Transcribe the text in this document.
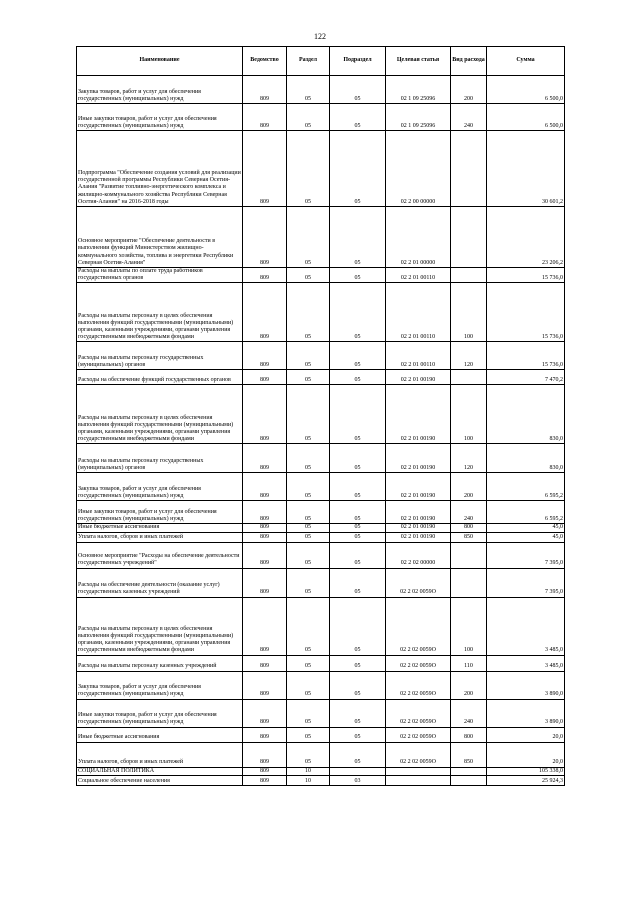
122
Наименование	Ведомство	Раздел	Подраздел	Целевая статья	Вид расхода	Сумма
Закупка товаров, работ и услуг для обеспечения государственных (муниципальных) нужд	809	05	05	02 1 09 25096	200	6 500,0
Иные закупки товаров, работ и услуг для обеспечения государственных (муниципальных) нужд	809	05	05	02 1 09 25096	240	6 500,0
Подпрограмма "Обеспечение создания условий для реализации государственной программы Республики Северная Осетия-Алания "Развитие топливно-энергетического комплекса и жилищно-коммунального хозяйства Республики Северная Осетия-Алания" на 2016-2018 годы	809	05	05	02 2 00 00000		30 601,2
Основное мероприятие "Обеспечение деятельности в выполнении функций Министерством жилищно-коммунального хозяйства, топлива и энергетики Республики Северная Осетия-Алания"	809	05	05	02 2 01 00000		23 206,2
Расходы на выплаты по оплате труда работников государственных органов	809	05	05	02 2 01 00110		15 736,0
Расходы на выплаты персоналу в целях обеспечения выполнения функций государственными (муниципальными) органами, казенными учреждениями, органами управления государственными внебюджетными фондами	809	05	05	02 2 01 00110	100	15 736,0
Расходы на выплаты персоналу государственных (муниципальных) органов	809	05	05	02 2 01 00110	120	15 736,0
Расходы на обеспечение функций государственных органов	809	05	05	02 2 01 00190		7 470,2
Расходы на выплаты персоналу в целях обеспечения выполнения функций государственными (муниципальными) органами, казенными учреждениями, органами управления государственными внебюджетными фондами	809	05	05	02 2 01 00190	100	830,0
Расходы на выплаты персоналу государственных (муниципальных) органов	809	05	05	02 2 01 00190	120	830,0
Закупка товаров, работ и услуг для обеспечения государственных (муниципальных) нужд	809	05	05	02 2 01 00190	200	6 595,2
Иные закупки товаров, работ и услуг для обеспечения государственных (муниципальных) нужд	809	05	05	02 2 01 00190	240	6 595,2
Иные бюджетные ассигнования	809	05	05	02 2 01 00190	800	45,0
Уплата налогов, сборов и иных платежей	809	05	05	02 2 01 00190	850	45,0
Основное мероприятие "Расходы на обеспечение деятельности государственных учреждений"	809	05	05	02 2 02 00000		7 395,0
Расходы на обеспечение деятельности (оказание услуг) государственных казенных учреждений	809	05	05	02 2 02 0059О		7 395,0
Расходы на выплаты персоналу в целях обеспечения выполнения функций государственными (муниципальными) органами, казенными учреждениями, органами управления государственными внебюджетными фондами	809	05	05	02 2 02 0059О	100	3 485,0
Расходы на выплаты персоналу казенных учреждений	809	05	05	02 2 02 0059О	110	3 485,0
Закупка товаров, работ и услуг для обеспечения государственных (муниципальных) нужд	809	05	05	02 2 02 0059О	200	3 890,0
Иные закупки товаров, работ и услуг для обеспечения государственных (муниципальных) нужд	809	05	05	02 2 02 0059О	240	3 890,0
Иные бюджетные ассигнования	809	05	05	02 2 02 0059О	800	20,0
Уплата налогов, сборов и иных платежей	809	05	05	02 2 02 0059О	850	20,0
СОЦИАЛЬНАЯ ПОЛИТИКА	809	10				105 338,0
Социальное обеспечение населения	809	10	03			25 924,3
